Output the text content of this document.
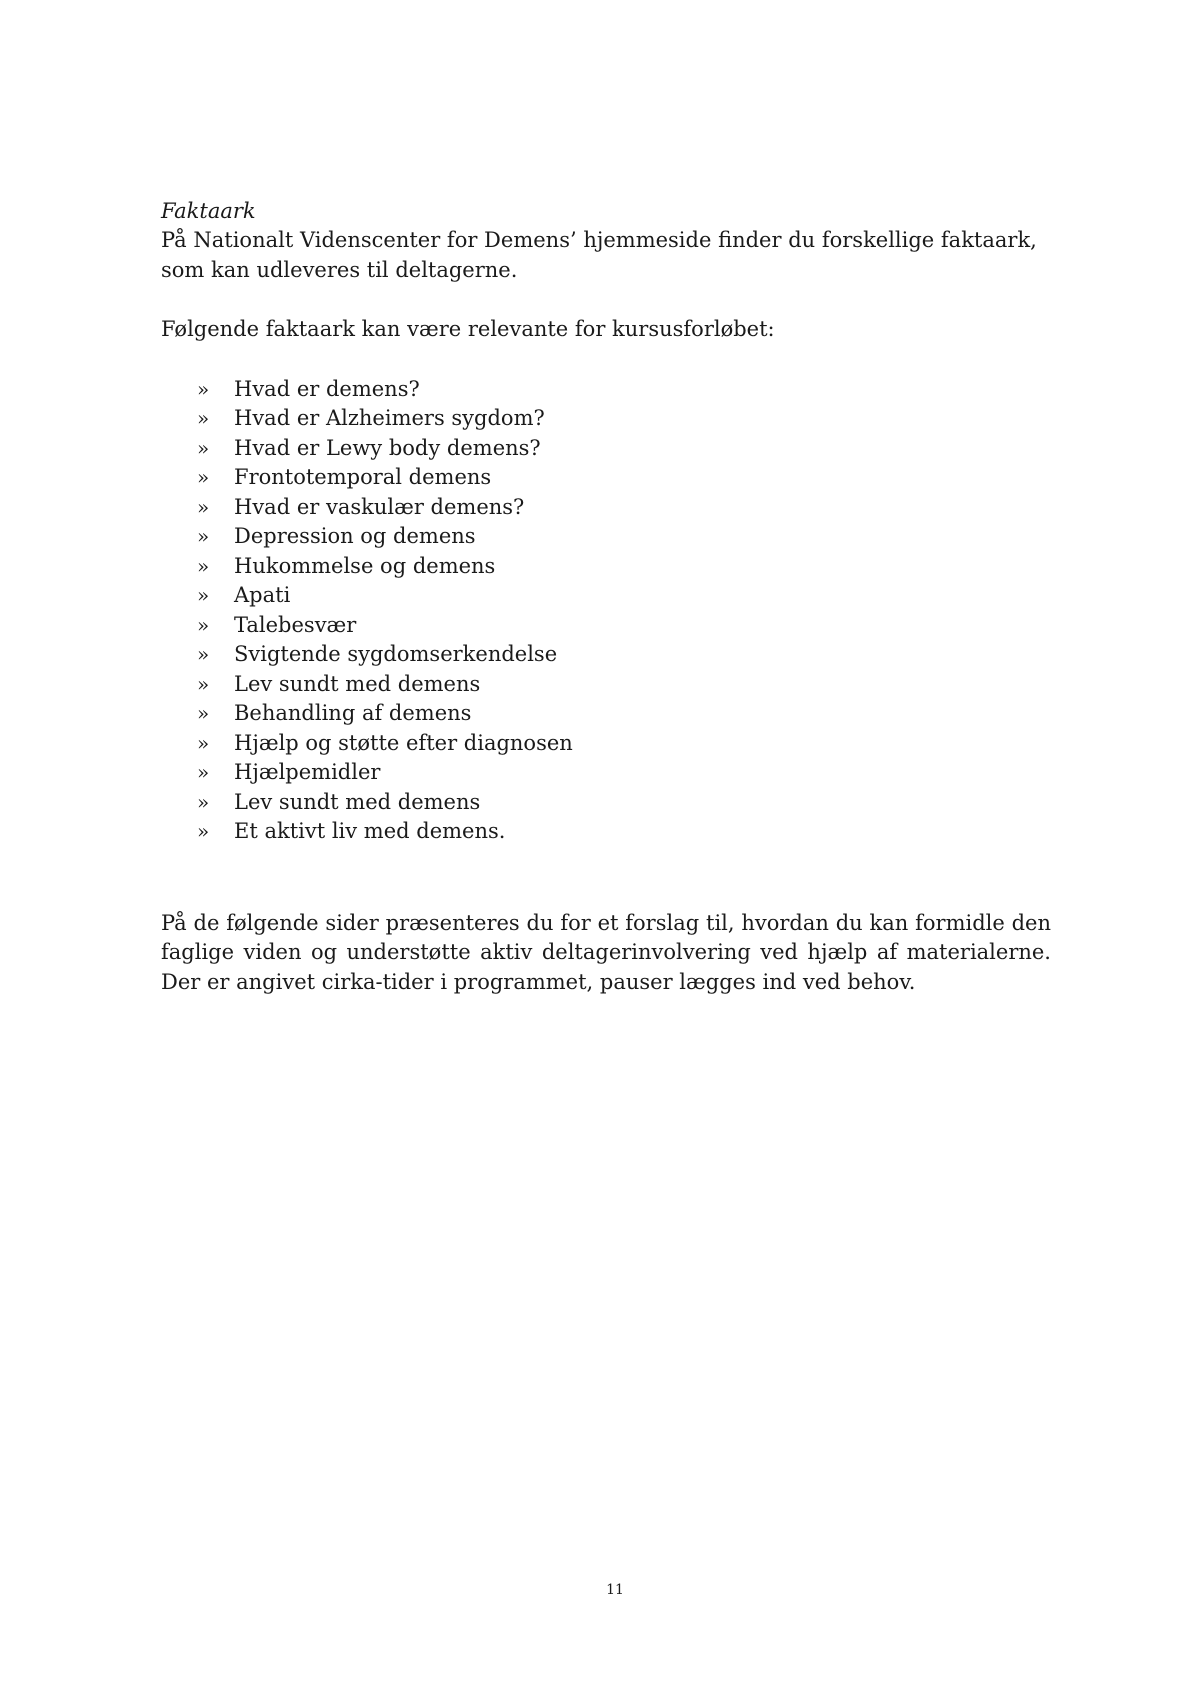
Faktaark

På Nationalt Videnscenter for Demens’ hjemmeside finder du forskellige faktaark, som kan udleveres til deltagerne.

Følgende faktaark kan være relevante for kursusforløbet:

» Hvad er demens?
» Hvad er Alzheimers sygdom?
» Hvad er Lewy body demens?
» Frontotemporal demens
» Hvad er vaskulær demens?
» Depression og demens
» Hukommelse og demens
» Apati
» Talebesvær
» Svigtende sygdomserkendelse
» Lev sundt med demens
» Behandling af demens
» Hjælp og støtte efter diagnosen
» Hjælpemidler
» Lev sundt med demens
» Et aktivt liv med demens.

På de følgende sider præsenteres du for et forslag til, hvordan du kan formidle den faglige viden og understøtte aktiv deltagerinvolvering ved hjælp af materialerne. Der er angivet cirka-tider i programmet, pauser lægges ind ved behov.

11
